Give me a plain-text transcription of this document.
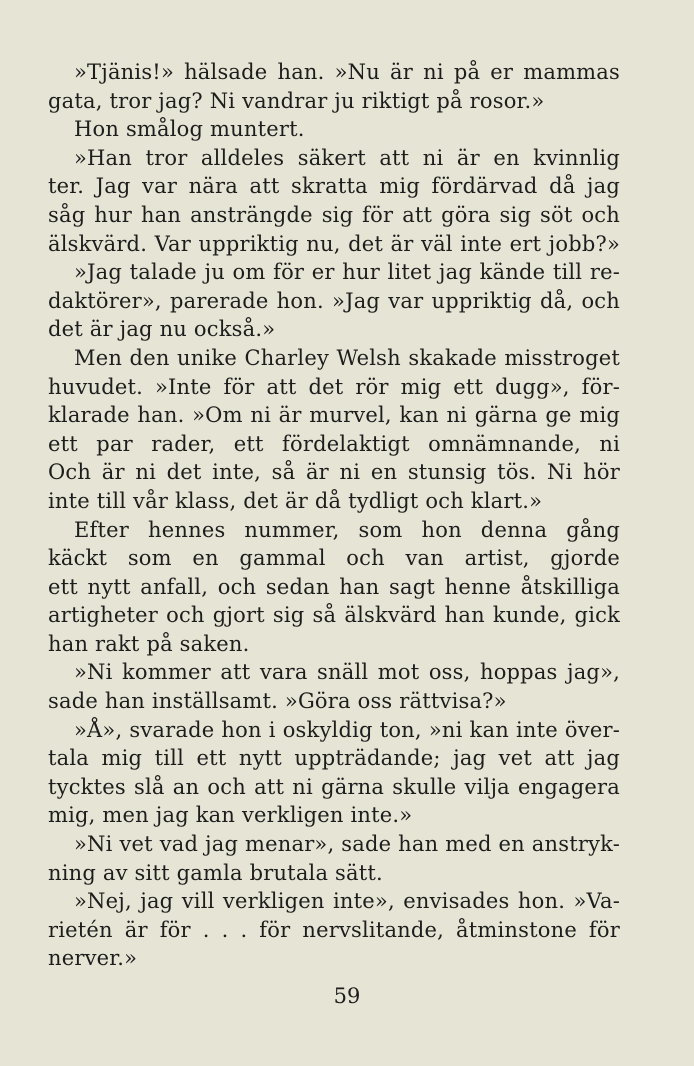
»Tjänis!» hälsade han. »Nu är ni på er mammas
gata, tror jag? Ni vandrar ju riktigt på rosor.»
Hon smålog muntert.
»Han tror alldeles säkert att ni är en kvinnlig
ter. Jag var nära att skratta mig fördärvad då jag
såg hur han ansträngde sig för att göra sig söt och
älskvärd. Var uppriktig nu, det är väl inte ert jobb?»
»Jag talade ju om för er hur litet jag kände till re-
daktörer», parerade hon. »Jag var uppriktig då, och
det är jag nu också.»
Men den unike Charley Welsh skakade misstroget
huvudet. »Inte för att det rör mig ett dugg», för-
klarade han. »Om ni är murvel, kan ni gärna ge mig
ett par rader, ett fördelaktigt omnämnande, ni
Och är ni det inte, så är ni en stunsig tös. Ni hör
inte till vår klass, det är då tydligt och klart.»
Efter hennes nummer, som hon denna gång
käckt som en gammal och van artist, gjorde
ett nytt anfall, och sedan han sagt henne åtskilliga
artigheter och gjort sig så älskvärd han kunde, gick
han rakt på saken.
»Ni kommer att vara snäll mot oss, hoppas jag»,
sade han inställsamt. »Göra oss rättvisa?»
»Å», svarade hon i oskyldig ton, »ni kan inte över-
tala mig till ett nytt uppträdande; jag vet att jag
tycktes slå an och att ni gärna skulle vilja engagera
mig, men jag kan verkligen inte.»
»Ni vet vad jag menar», sade han med en anstryk-
ning av sitt gamla brutala sätt.
»Nej, jag vill verkligen inte», envisades hon. »Va-
rietén är för . . . för nervslitande, åtminstone för
nerver.»
59
